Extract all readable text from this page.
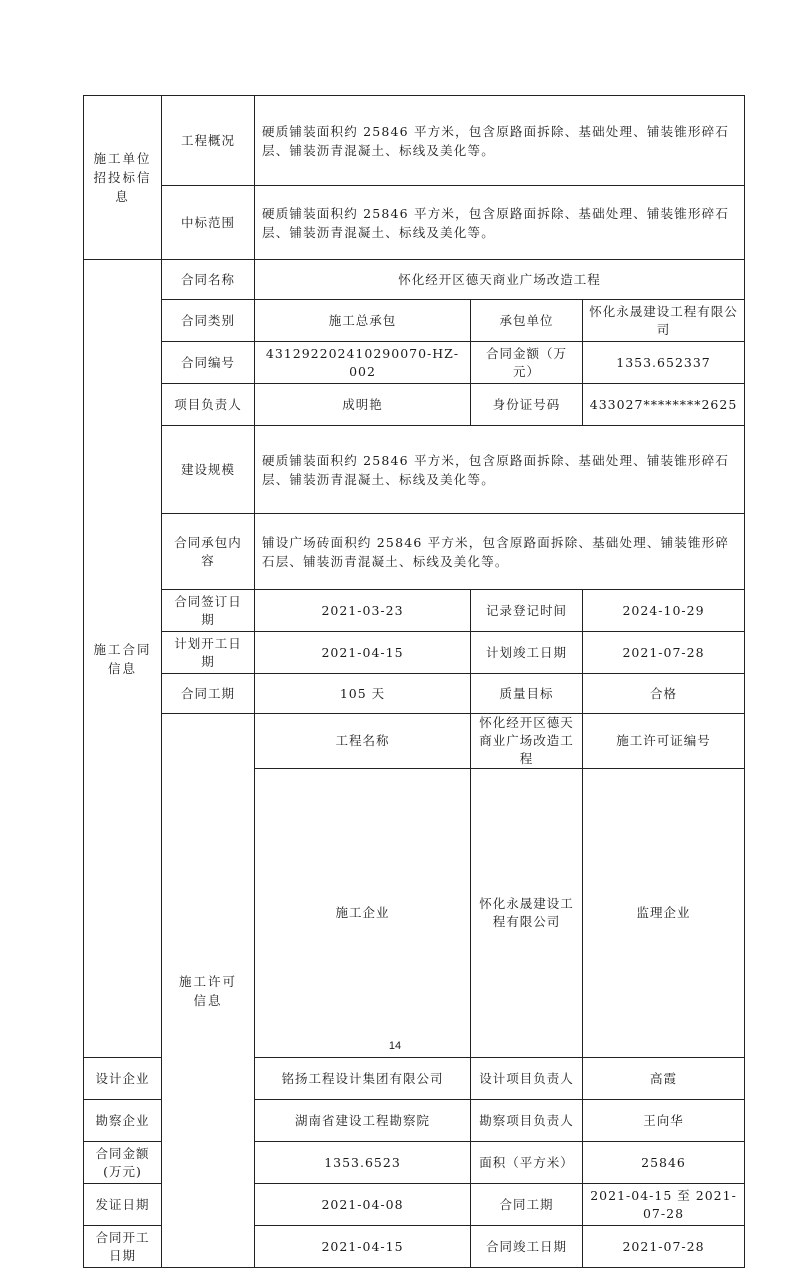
施工单位
招投标信
息	工程概况	硬质铺装面积约 25846 平方米，包含原路面拆除、基础处理、铺装锥形碎石层、铺装沥青混凝土、标线及美化等。			
	中标范围	硬质铺装面积约 25846 平方米，包含原路面拆除、基础处理、铺装锥形碎石层、铺装沥青混凝土、标线及美化等。			

施工合同
信息	合同名称	怀化经开区德天商业广场改造工程			
	合同类别	施工总承包	承包单位	怀化永晟建设工程有限公司	
	合同编号	431292202410290070-HZ-002	合同金额（万元）	1353.652337	
	项目负责人	成明艳	身份证号码	433027********2625	
	建设规模	硬质铺装面积约 25846 平方米，包含原路面拆除、基础处理、铺装锥形碎石层、铺装沥青混凝土、标线及美化等。			
	合同承包内容	铺设广场砖面积约 25846 平方米，包含原路面拆除、基础处理、铺装锥形碎石层、铺装沥青混凝土、标线及美化等。			
	合同签订日期	2021-03-23	记录登记时间	2024-10-29	
	计划开工日期	2021-04-15	计划竣工日期	2021-07-28	
	合同工期	105 天	质量目标	合格	

	施工许可
信息	工程名称	怀化经开区德天商业广场改造工程	施工许可证编号	
		施工企业	怀化永晟建设工程有限公司	监理企业	
设计企业		铭扬工程设计集团有限公司	设计项目负责人	高霞	
勘察企业		湖南省建设工程勘察院	勘察项目负责人	王向华	
合同金额(万元)		1353.6523	面积（平方米）	25846	
发证日期		2021-04-08	合同工期	2021-04-15 至 2021-07-28	
合同开工日期		2021-04-15	合同竣工日期	2021-07-28	
14
